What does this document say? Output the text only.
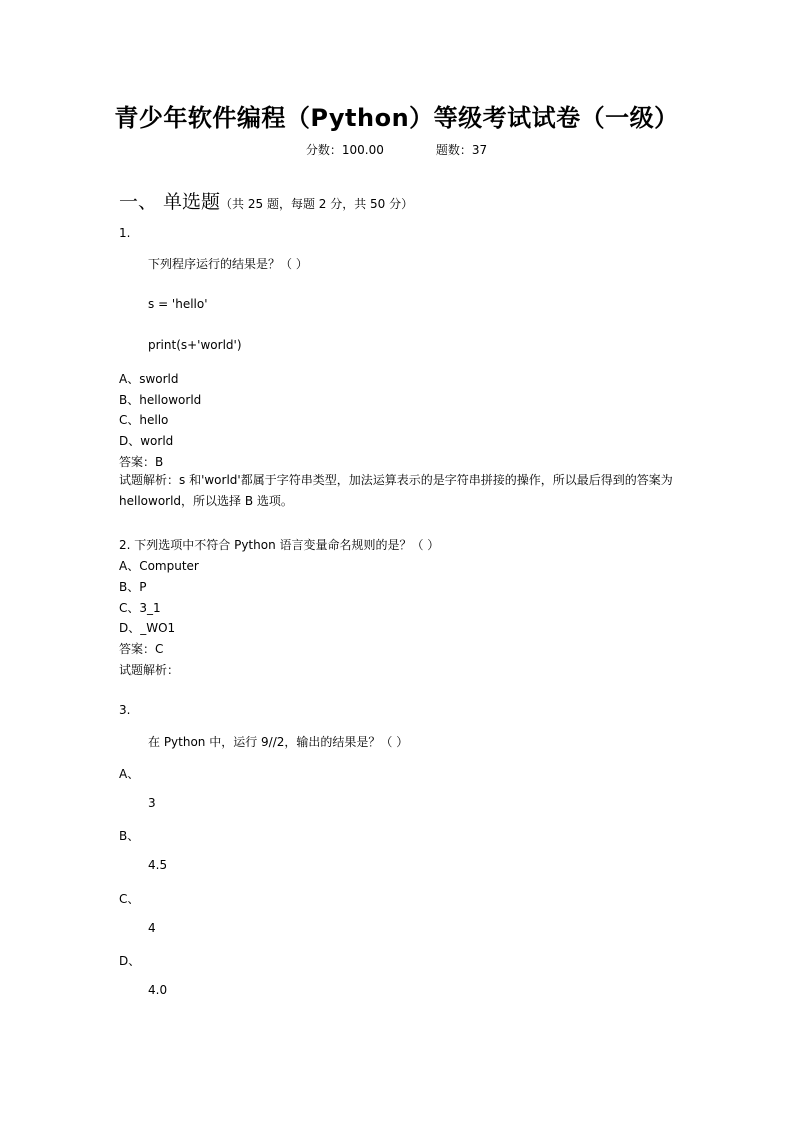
青少年软件编程（Python）等级考试试卷（一级）
分数：100.00	题数：37
一、 单选题（共 25 题，每题 2 分，共 50 分）
1.
下列程序运行的结果是？（ ）
s = 'hello'
print(s+'world')
A、sworld
B、helloworld
C、hello
D、world
答案：B
试题解析：s 和'world'都属于字符串类型，加法运算表示的是字符串拼接的操作，所以最后得到的答案为 helloworld，所以选择 B 选项。
2. 下列选项中不符合 Python 语言变量命名规则的是？（ ）
A、Computer
B、P
C、3_1
D、_WO1
答案：C
试题解析：
3.
在 Python 中，运行 9//2，输出的结果是？（ ）
A、
3
B、
4.5
C、
4
D、
4.0
